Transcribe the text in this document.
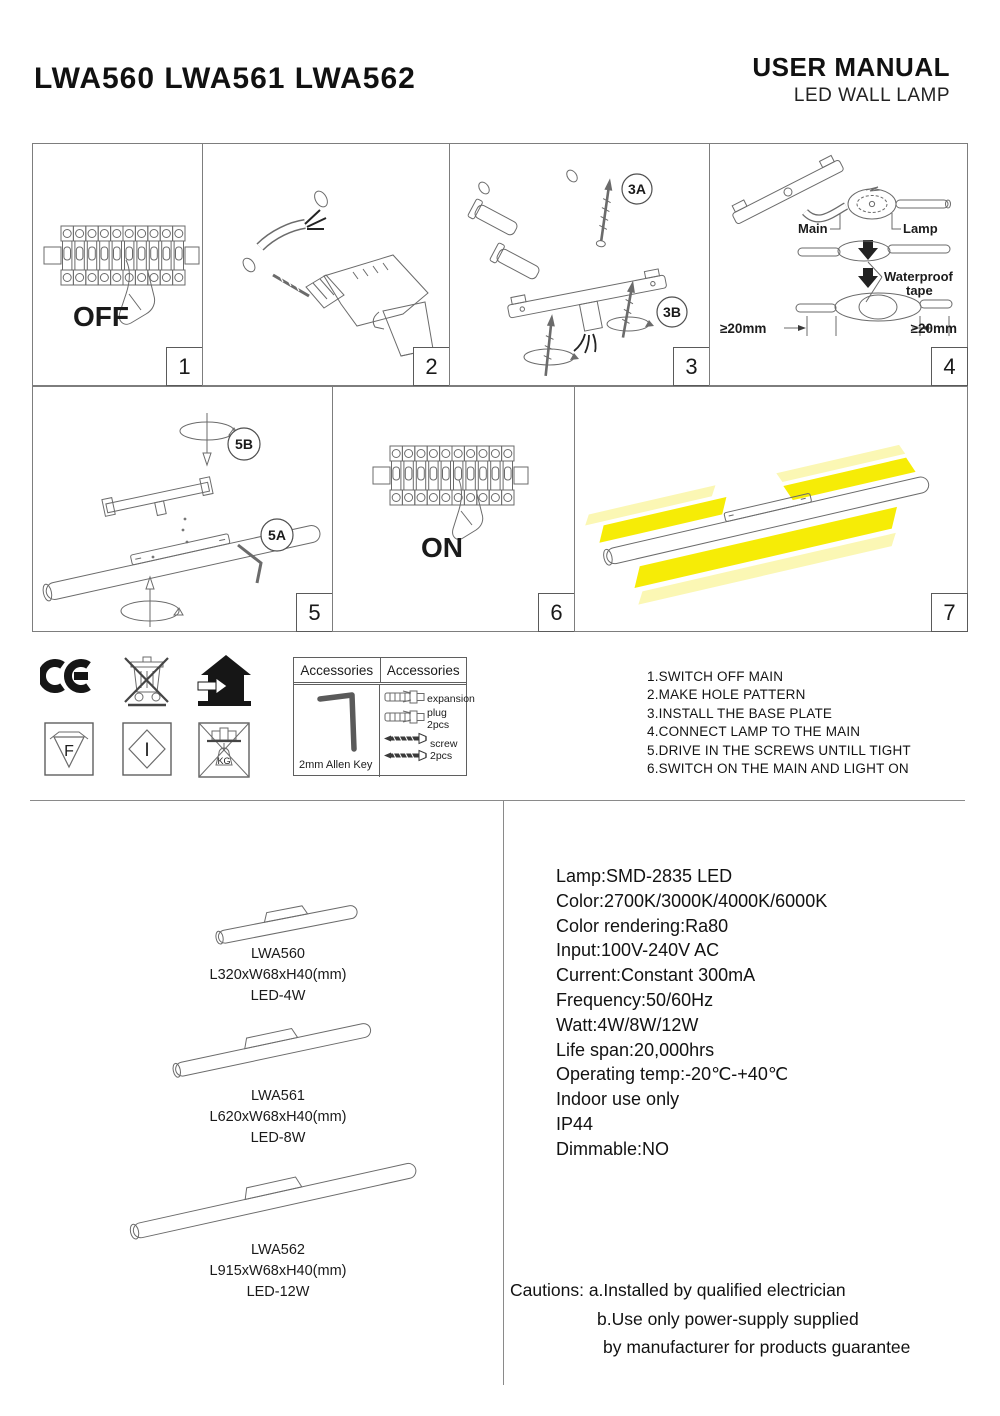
LWA560 LWA561 LWA562	USER MANUAL
LED WALL LAMP
OFF
1	2
3A
3B
3
Main	Lamp
Waterproof
tape
≥20mm	≥20mm
4
5B
5A
5
ON
6	7
F	I	KG
Accessories	Accessories
2mm Allen Key
expansion
plug 2pcs
screw 2pcs
1.SWITCH OFF MAIN
2.MAKE HOLE PATTERN
3.INSTALL THE BASE PLATE
4.CONNECT LAMP TO THE MAIN
5.DRIVE IN THE SCREWS UNTILL TIGHT
6.SWITCH ON THE MAIN AND LIGHT ON
LWA560
L320xW68xH40(mm)
LED-4W
LWA561
L620xW68xH40(mm)
LED-8W
LWA562
L915xW68xH40(mm)
LED-12W
Lamp:SMD-2835 LED
Color:2700K/3000K/4000K/6000K
Color rendering:Ra80
Input:100V-240V AC
Current:Constant 300mA
Frequency:50/60Hz
Watt:4W/8W/12W
Life span:20,000hrs
Operating temp:-20℃-+40℃
Indoor use only
IP44
Dimmable:NO
Cautions: a.Installed by qualified electrician
b.Use only power-supply supplied
by manufacturer for products guarantee
